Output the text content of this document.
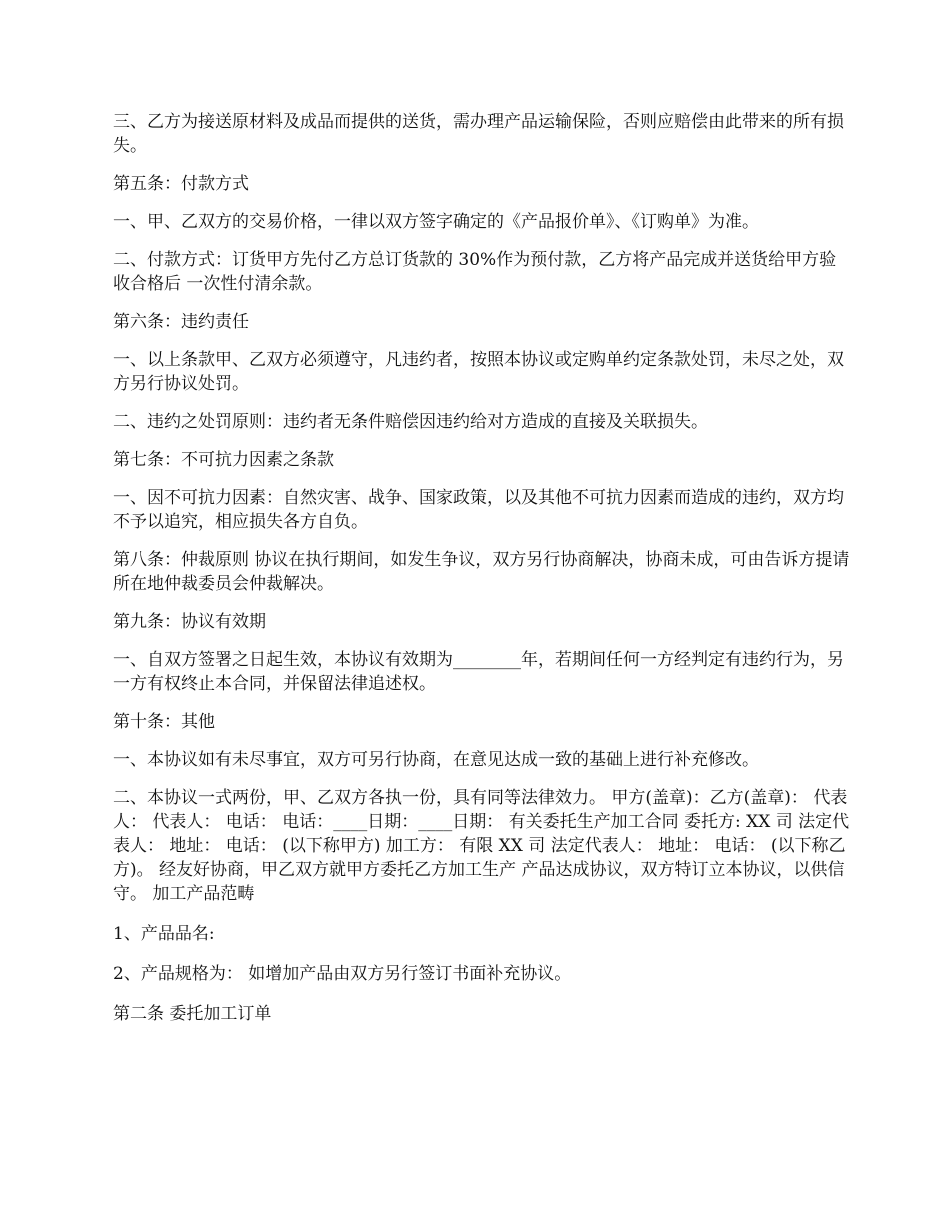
三、乙方为接送原材料及成品而提供的送货，需办理产品运输保险，否则应赔偿由此带来的所有损失。

第五条：付款方式

一、甲、乙双方的交易价格，一律以双方签字确定的《产品报价单》、《订购单》为准。

二、付款方式：订货甲方先付乙方总订货款的 30%作为预付款，乙方将产品完成并送货给甲方验收合格后 一次性付清余款。

第六条：违约责任

一、以上条款甲、乙双方必须遵守，凡违约者，按照本协议或定购单约定条款处罚，未尽之处，双方另行协议处罚。

二、违约之处罚原则：违约者无条件赔偿因违约给对方造成的直接及关联损失。

第七条：不可抗力因素之条款

一、因不可抗力因素：自然灾害、战争、国家政策，以及其他不可抗力因素而造成的违约，双方均不予以追究，相应损失各方自负。

第八条：仲裁原则 协议在执行期间，如发生争议，双方另行协商解决，协商未成，可由告诉方提请所在地仲裁委员会仲裁解决。

第九条：协议有效期

一、自双方签署之日起生效，本协议有效期为________年，若期间任何一方经判定有违约行为，另一方有权终止本合同，并保留法律追述权。

第十条：其他

一、本协议如有未尽事宜，双方可另行协商，在意见达成一致的基础上进行补充修改。

二、本协议一式两份，甲、乙双方各执一份，具有同等法律效力。 甲方(盖章)：乙方(盖章)： 代表人： 代表人： 电话： 电话：____日期：____日期： 有关委托生产加工合同 委托方: XX 司 法定代表人： 地址： 电话： (以下称甲方) 加工方： 有限 XX 司 法定代表人： 地址： 电话： (以下称乙方)。 经友好协商，甲乙双方就甲方委托乙方加工生产 产品达成协议，双方特订立本协议，以供信守。 加工产品范畴

1、产品品名:

2、产品规格为： 如增加产品由双方另行签订书面补充协议。

第二条 委托加工订单
